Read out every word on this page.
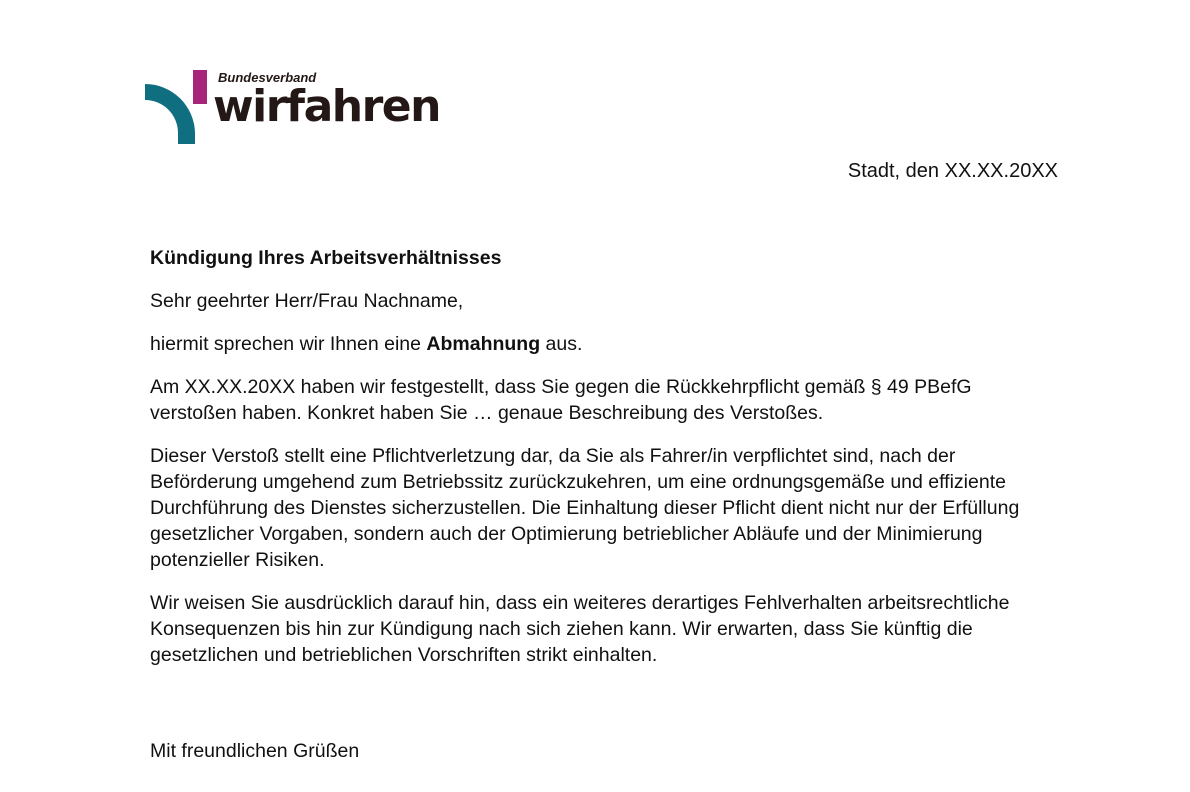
Bundesverband
wirfahren
Stadt, den XX.XX.20XX

Kündigung Ihres Arbeitsverhältnisses

Sehr geehrter Herr/Frau Nachname,

hiermit sprechen wir Ihnen eine Abmahnung aus.

Am XX.XX.20XX haben wir festgestellt, dass Sie gegen die Rückkehrpflicht gemäß § 49 PBefG verstoßen haben. Konkret haben Sie … genaue Beschreibung des Verstoßes.

Dieser Verstoß stellt eine Pflichtverletzung dar, da Sie als Fahrer/in verpflichtet sind, nach der Beförderung umgehend zum Betriebssitz zurückzukehren, um eine ordnungsgemäße und effiziente Durchführung des Dienstes sicherzustellen. Die Einhaltung dieser Pflicht dient nicht nur der Erfüllung gesetzlicher Vorgaben, sondern auch der Optimierung betrieblicher Abläufe und der Minimierung potenzieller Risiken.

Wir weisen Sie ausdrücklich darauf hin, dass ein weiteres derartiges Fehlverhalten arbeitsrechtliche Konsequenzen bis hin zur Kündigung nach sich ziehen kann. Wir erwarten, dass Sie künftig die gesetzlichen und betrieblichen Vorschriften strikt einhalten.

Mit freundlichen Grüßen
